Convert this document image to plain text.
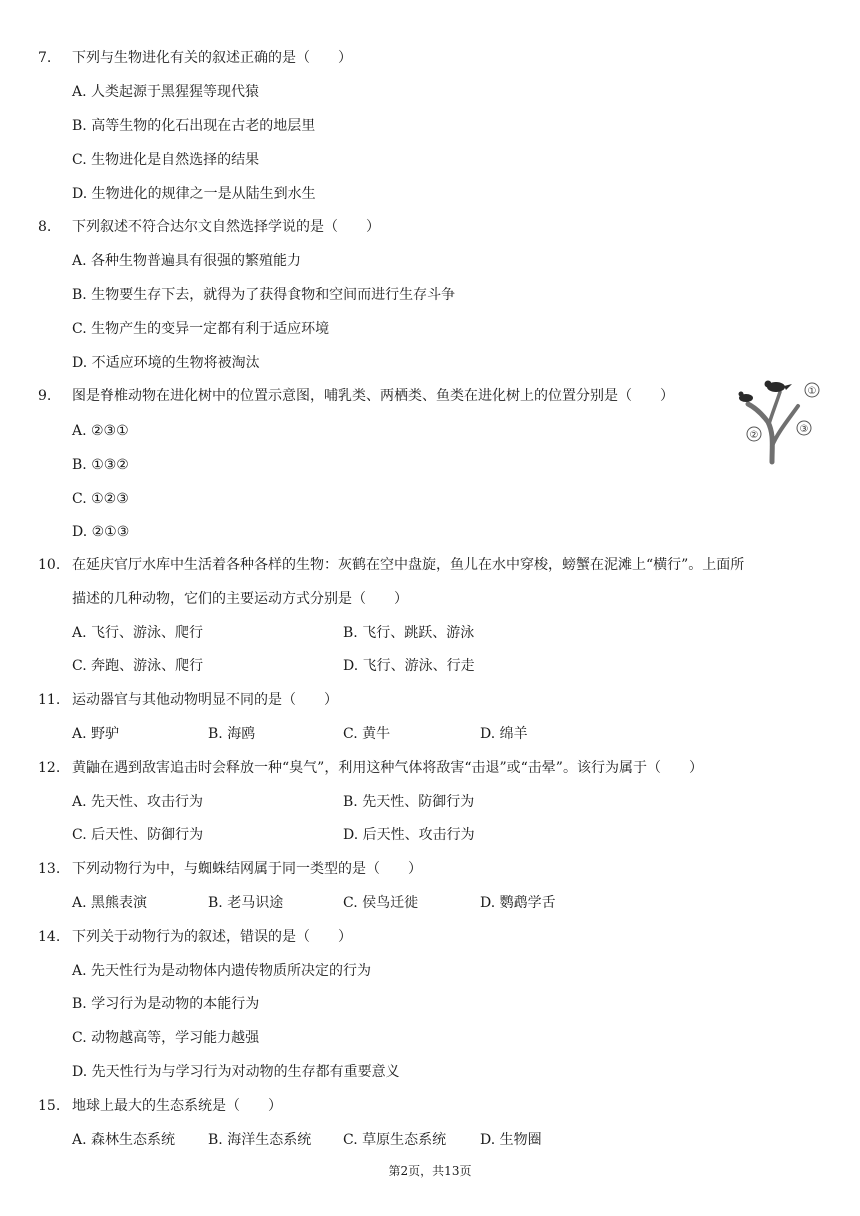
7. 下列与生物进化有关的叙述正确的是（　　）
A. 人类起源于黑猩猩等现代猿
B. 高等生物的化石出现在古老的地层里
C. 生物进化是自然选择的结果
D. 生物进化的规律之一是从陆生到水生
8. 下列叙述不符合达尔文自然选择学说的是（　　）
A. 各种生物普遍具有很强的繁殖能力
B. 生物要生存下去，就得为了获得食物和空间而进行生存斗争
C. 生物产生的变异一定都有利于适应环境
D. 不适应环境的生物将被淘汰
9. 图是脊椎动物在进化树中的位置示意图，哺乳类、两栖类、鱼类在进化树上的位置分别是（　　）
A. ②③①
B. ①③②
C. ①②③
D. ②①③
①
②
③
10. 在延庆官厅水库中生活着各种各样的生物：灰鹤在空中盘旋，鱼儿在水中穿梭，螃蟹在泥滩上“横行”。上面所
描述的几种动物，它们的主要运动方式分别是（　　）
A. 飞行、游泳、爬行	B. 飞行、跳跃、游泳
C. 奔跑、游泳、爬行	D. 飞行、游泳、行走
11. 运动器官与其他动物明显不同的是（　　）
A. 野驴	B. 海鸥	C. 黄牛	D. 绵羊
12. 黄鼬在遇到敌害追击时会释放一种“臭气”，利用这种气体将敌害“击退”或“击晕”。该行为属于（　　）
A. 先天性、攻击行为	B. 先天性、防御行为
C. 后天性、防御行为	D. 后天性、攻击行为
13. 下列动物行为中，与蜘蛛结网属于同一类型的是（　　）
A. 黑熊表演	B. 老马识途	C. 侯鸟迁徙	D. 鹦鹉学舌
14. 下列关于动物行为的叙述，错误的是（　　）
A. 先天性行为是动物体内遗传物质所决定的行为
B. 学习行为是动物的本能行为
C. 动物越高等，学习能力越强
D. 先天性行为与学习行为对动物的生存都有重要意义
15. 地球上最大的生态系统是（　　）
A. 森林生态系统 B. 海洋生态系统 C. 草原生态系统 D. 生物圈
第2页，共13页
